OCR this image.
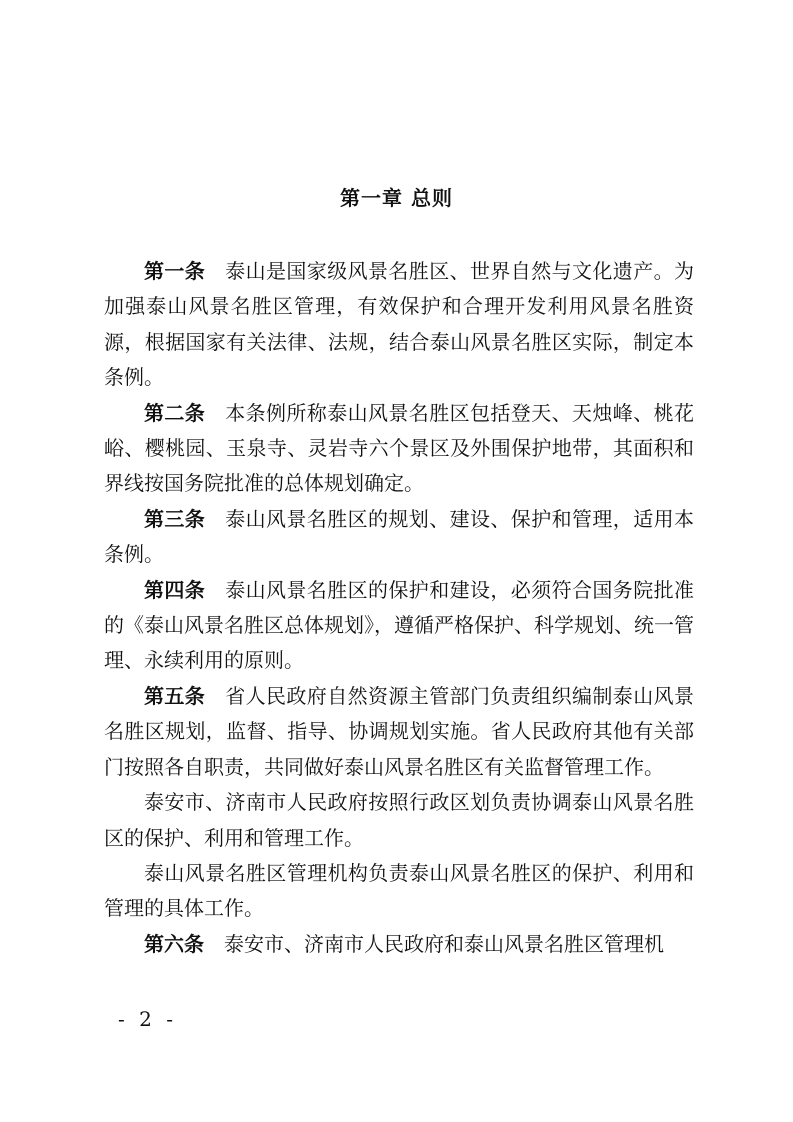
第一章 总则

第一条 泰山是国家级风景名胜区、世界自然与文化遗产。为加强泰山风景名胜区管理，有效保护和合理开发利用风景名胜资源，根据国家有关法律、法规，结合泰山风景名胜区实际，制定本条例。

第二条 本条例所称泰山风景名胜区包括登天、天烛峰、桃花峪、樱桃园、玉泉寺、灵岩寺六个景区及外围保护地带，其面积和界线按国务院批准的总体规划确定。

第三条 泰山风景名胜区的规划、建设、保护和管理，适用本条例。

第四条 泰山风景名胜区的保护和建设，必须符合国务院批准的《泰山风景名胜区总体规划》，遵循严格保护、科学规划、统一管理、永续利用的原则。

第五条 省人民政府自然资源主管部门负责组织编制泰山风景名胜区规划，监督、指导、协调规划实施。省人民政府其他有关部门按照各自职责，共同做好泰山风景名胜区有关监督管理工作。

泰安市、济南市人民政府按照行政区划负责协调泰山风景名胜区的保护、利用和管理工作。

泰山风景名胜区管理机构负责泰山风景名胜区的保护、利用和管理的具体工作。

第六条 泰安市、济南市人民政府和泰山风景名胜区管理机

- 2 -
